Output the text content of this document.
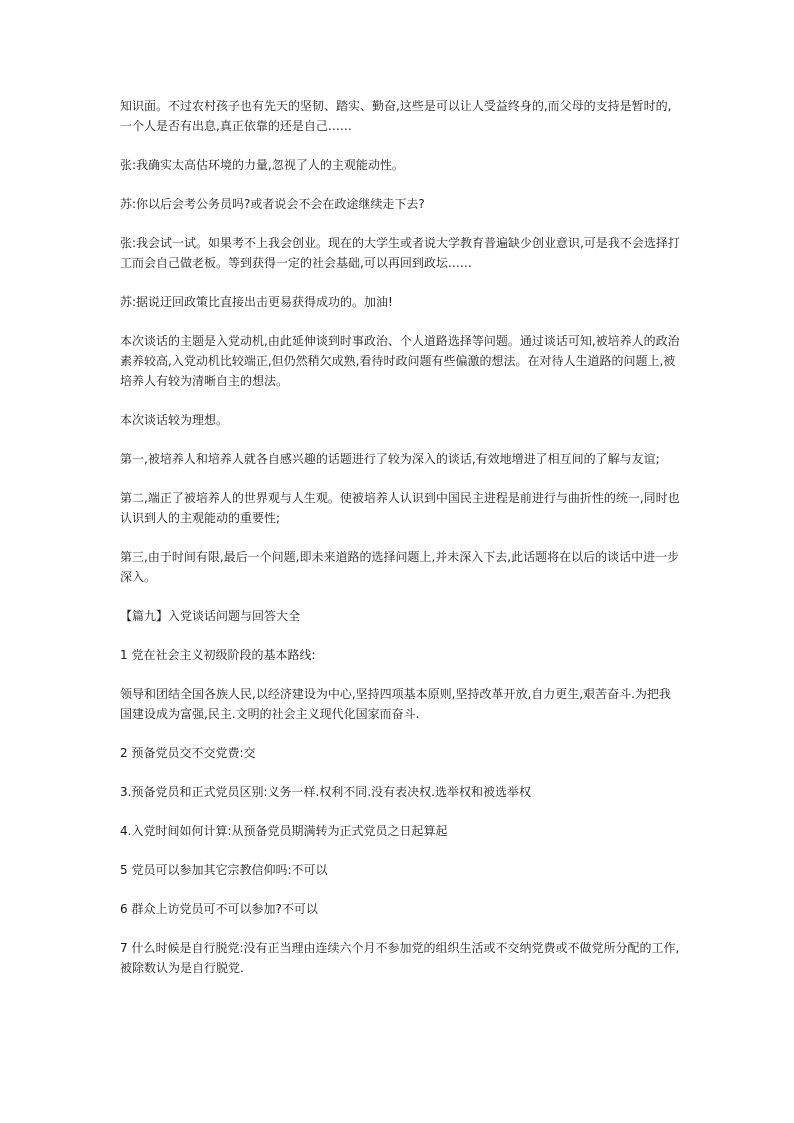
知识面。不过农村孩子也有先天的坚韧、踏实、勤奋,这些是可以让人受益终身的,而父母的支持是暂时的,一个人是否有出息,真正依靠的还是自己……

张:我确实太高估环境的力量,忽视了人的主观能动性。

苏:你以后会考公务员吗?或者说会不会在政途继续走下去?

张:我会试一试。如果考不上我会创业。现在的大学生或者说大学教育普遍缺少创业意识,可是我不会选择打工而会自己做老板。等到获得一定的社会基础,可以再回到政坛……

苏:据说迂回政策比直接出击更易获得成功的。加油!

本次谈话的主题是入党动机,由此延伸谈到时事政治、个人道路选择等问题。通过谈话可知,被培养人的政治素养较高,入党动机比较端正,但仍然稍欠成熟,看待时政问题有些偏激的想法。在对待人生道路的问题上,被培养人有较为清晰自主的想法。

本次谈话较为理想。

第一,被培养人和培养人就各自感兴趣的话题进行了较为深入的谈话,有效地增进了相互间的了解与友谊;

第二,端正了被培养人的世界观与人生观。使被培养人认识到中国民主进程是前进行与曲折性的统一,同时也认识到人的主观能动的重要性;

第三,由于时间有限,最后一个问题,即未来道路的选择问题上,并未深入下去,此话题将在以后的谈话中进一步深入。

【篇九】入党谈话问题与回答大全

1 党在社会主义初级阶段的基本路线:

领导和团结全国各族人民,以经济建设为中心,坚持四项基本原则,坚持改革开放,自力更生,艰苦奋斗.为把我国建设成为富强,民主.文明的社会主义现代化国家而奋斗.

2 预备党员交不交党费:交

3.预备党员和正式党员区别:义务一样.权利不同.没有表决权.选举权和被选举权

4.入党时间如何计算:从预备党员期满转为正式党员之日起算起

5 党员可以参加其它宗教信仰吗:不可以

6 群众上访党员可不可以参加?不可以

7 什么时候是自行脱党:没有正当理由连续六个月不参加党的组织生活或不交纳党费或不做党所分配的工作,被除数认为是自行脱党.
